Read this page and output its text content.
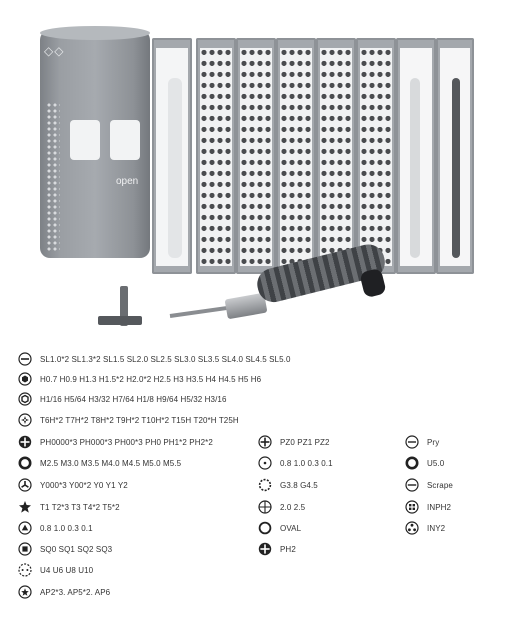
◇◇
open
SL1.0*2 SL1.3*2 SL1.5 SL2.0 SL2.5 SL3.0 SL3.5 SL4.0 SL4.5 SL5.0
H0.7 H0.9 H1.3 H1.5*2 H2.0*2 H2.5 H3 H3.5 H4 H4.5 H5 H6
H1/16 H5/64 H3/32 H7/64 H1/8 H9/64 H5/32 H3/16
T6H*2 T7H*2 T8H*2 T9H*2 T10H*2 T15H T20*H T25H
PH0000*3 PH000*3 PH00*3 PH0 PH1*2 PH2*2
M2.5 M3.0 M3.5 M4.0 M4.5 M5.0 M5.5
Y000*3 Y00*2 Y0 Y1 Y2
T1 T2*3 T3 T4*2 T5*2
0.8 1.0 0.3 0.1
SQ0 SQ1 SQ2 SQ3
U4 U6 U8 U10
AP2*3. AP5*2. AP6
PZ0 PZ1 PZ2
0.8 1.0 0.3 0.1
G3.8 G4.5
2.0 2.5
OVAL
PH2
Pry
U5.0
Scrape
INPH2
INY2
